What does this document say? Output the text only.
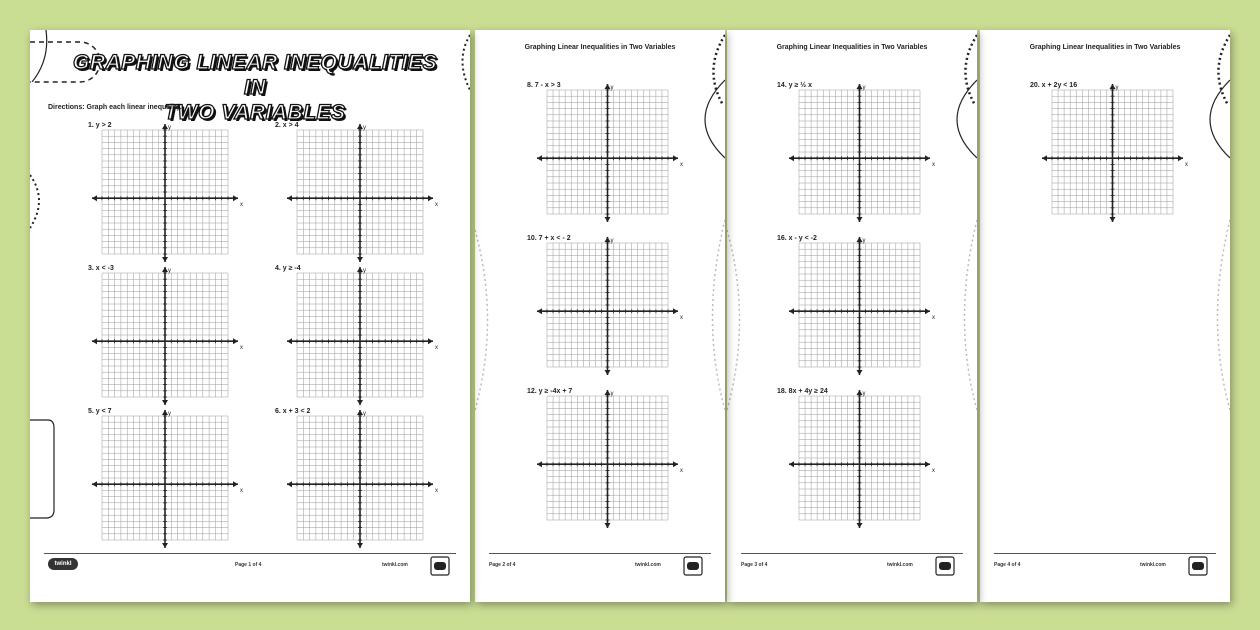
GRAPHING LINEAR INEQUALITIES IN
TWO VARIABLES
Directions: Graph each linear inequality.
1. y > 2
x
y	2. x > 4
x
y
3. x < -3
x
y	4. y ≥ -4
x
y
5. y < 7
x
y	6. x + 3 < 2
x
y
twinkl	Page 1 of 4	twinkl.com
Graphing Linear Inequalities in Two Variables
8. 7 - x > 3
x
y
10. 7 + x < - 2
x
y
12. y ≥ -4x + 7
x
y
Page 2 of 4	twinkl.com
Graphing Linear Inequalities in Two Variables
14. y ≥ ½ x
x
y
16. x - y < -2
x
y
18. 8x + 4y ≥ 24
x
y
Page 3 of 4	twinkl.com
Graphing Linear Inequalities in Two Variables
20. x + 2y < 16
x
y
Page 4 of 4	twinkl.com
